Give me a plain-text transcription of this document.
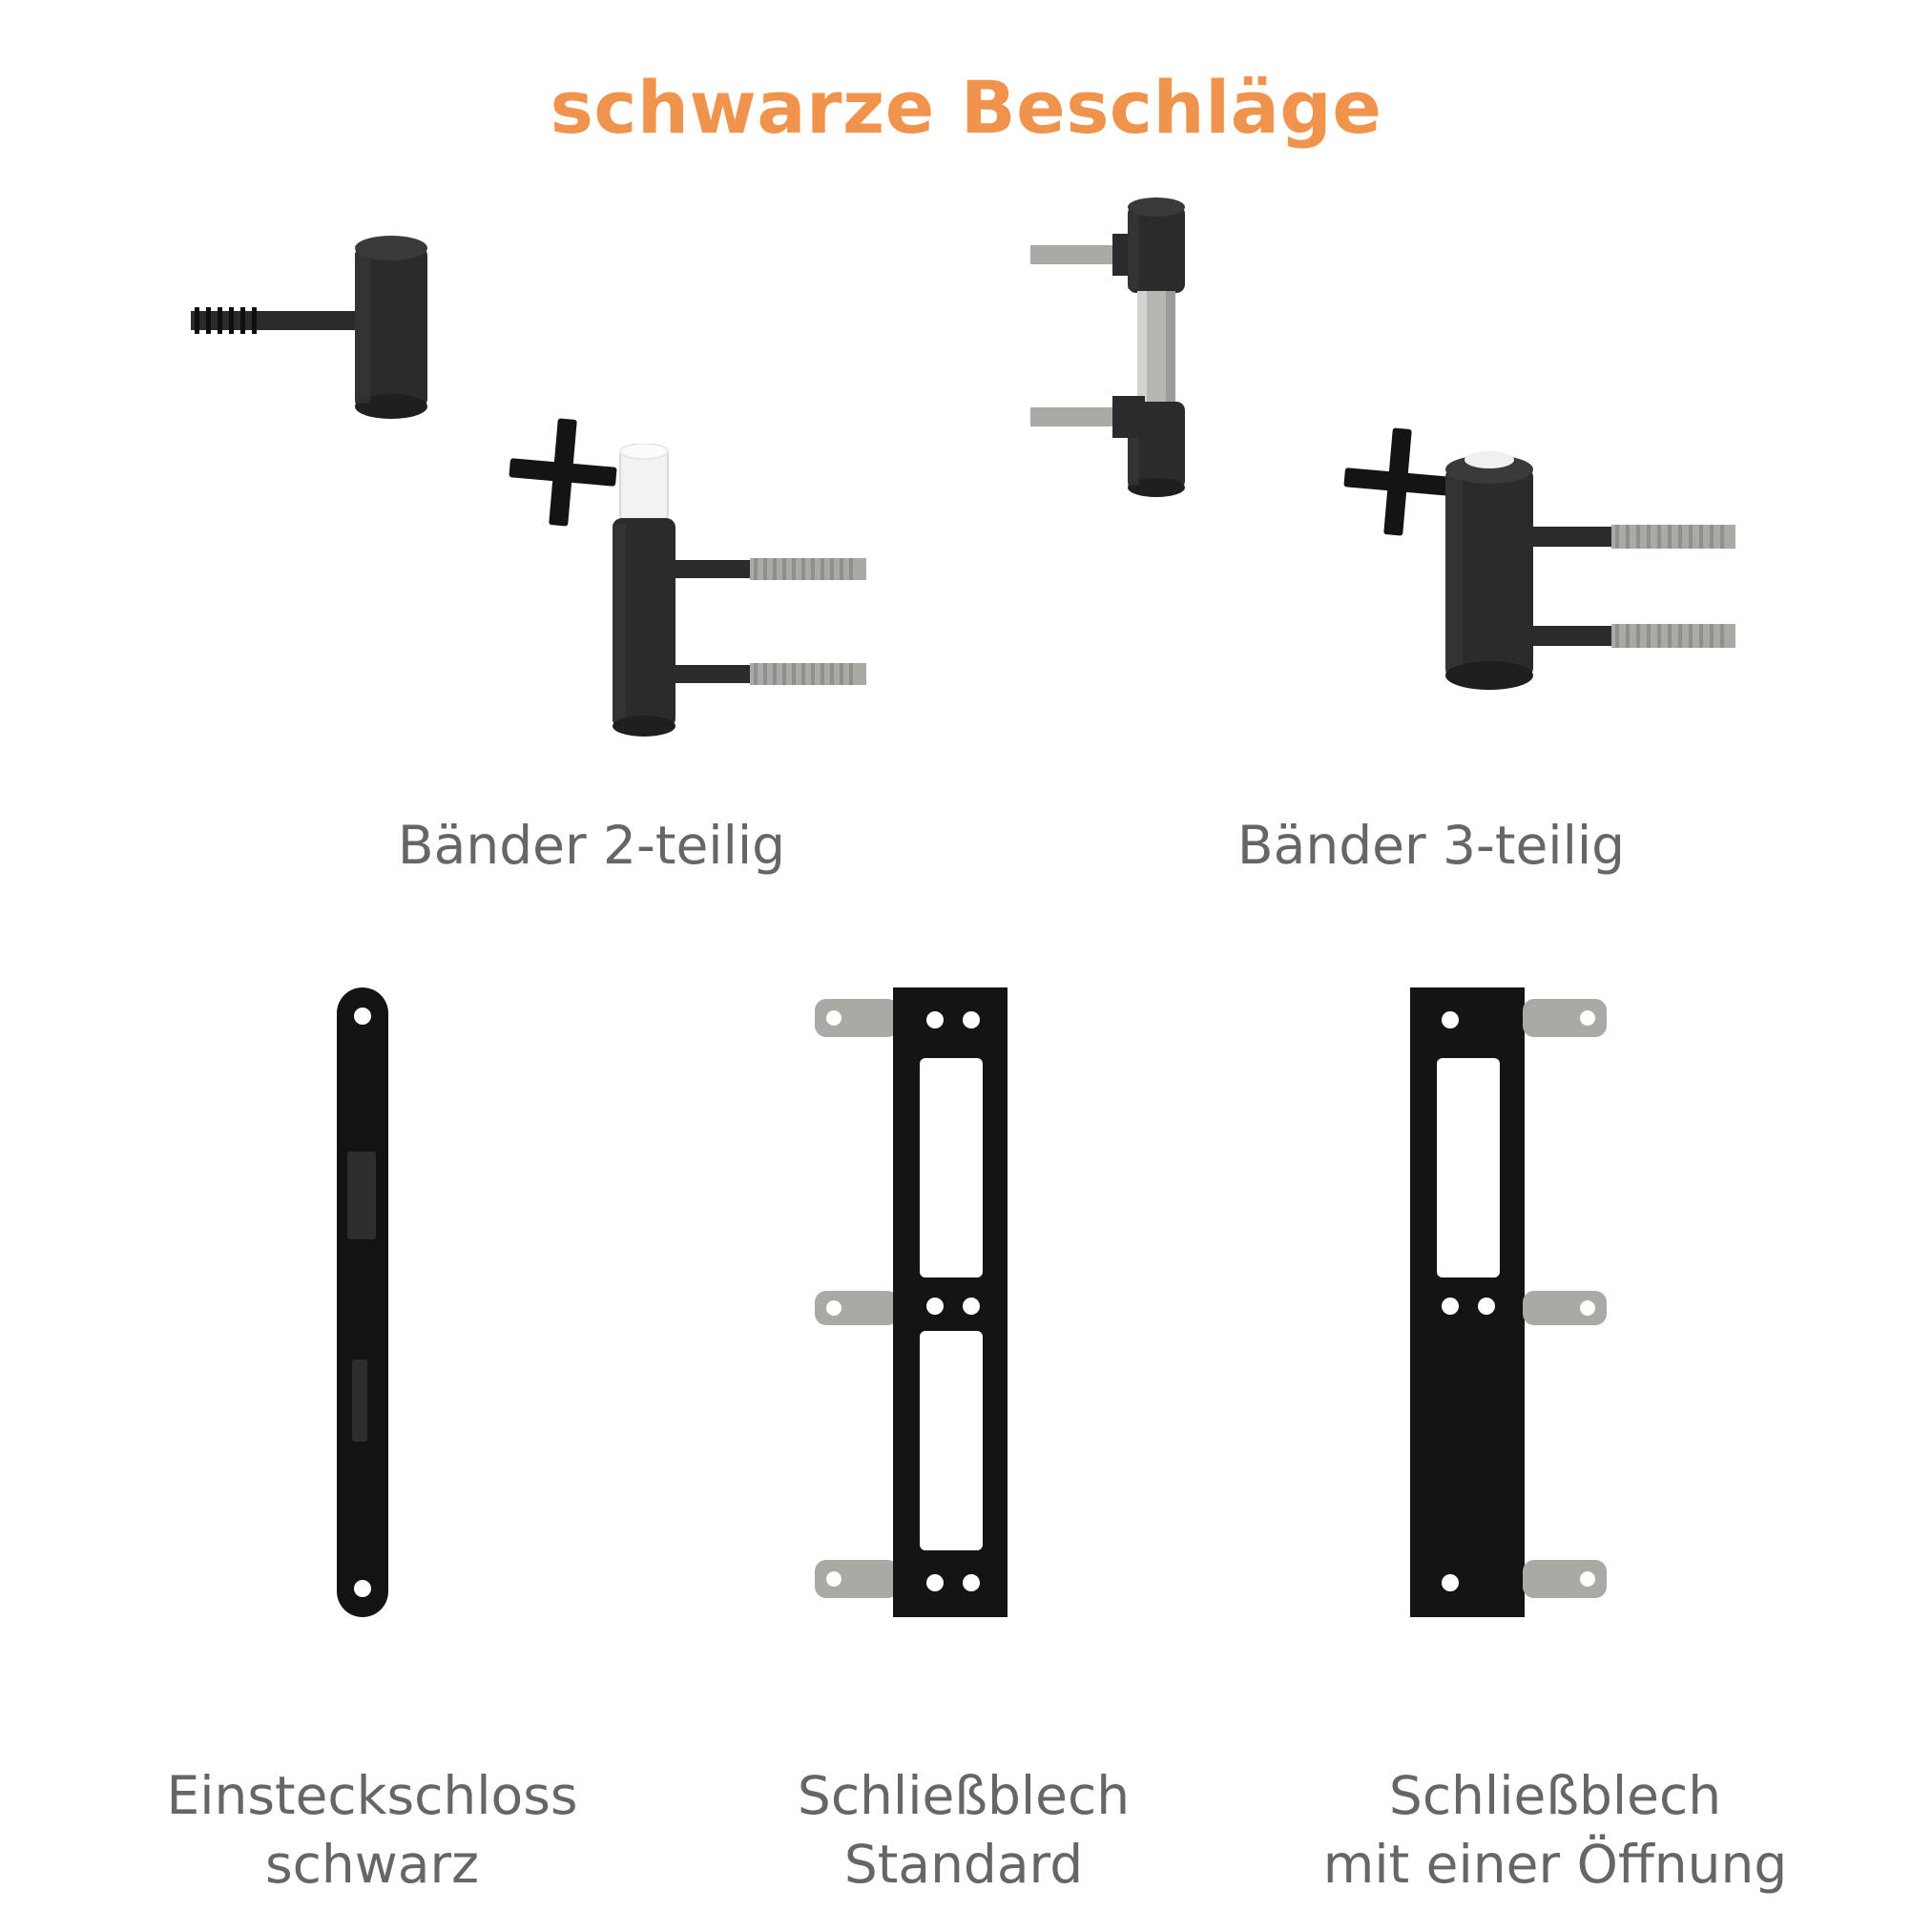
schwarze Beschläge
Bänder 2-teilig	Bänder 3-teilig
Einsteckschloss
schwarz
Schließblech
Standard
Schließblech
mit einer Öffnung
